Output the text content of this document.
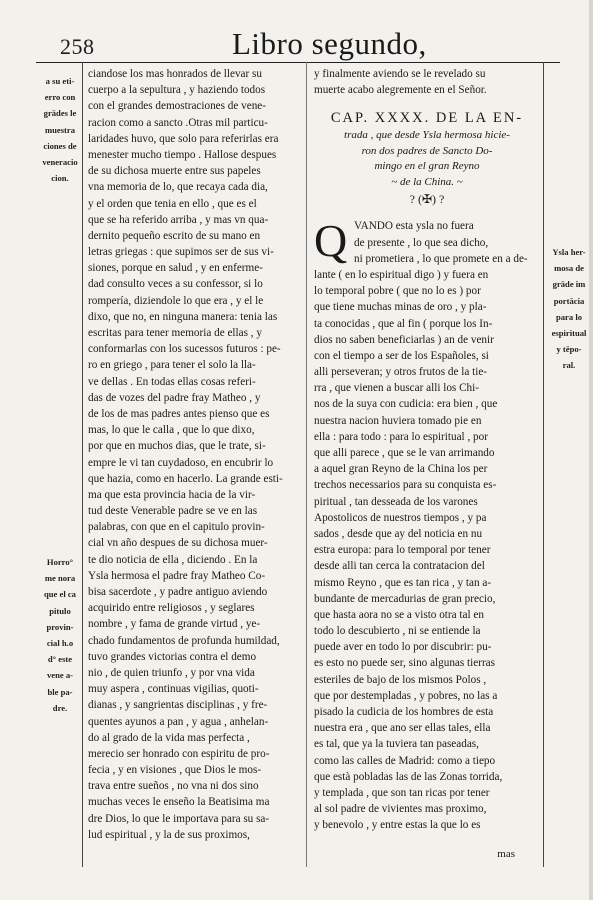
258	Libro segundo,
a su eti-
erro con
grādes le
muestra
ciones de
veneracio
cion.
Horro°
me nora
que el ca
pitulo
provin-
cial h.o
d° este
vene a-
ble pa-
dre.
Ysla her-
mosa de
grāde im
portācia
para lo
espiritual
y tēpo-
ral.
ciandose los mas honrados de llevar su
cuerpo a la sepultura , y haziendo todos
con el grandes demostraciones de vene-
racion como a sancto .Otras mil particu-
laridades huvo, que solo para referirlas era
menester mucho tiempo . Hallose despues
de su dichosa muerte entre sus papeles
vna memoria de lo, que recaya cada dia,
y el orden que tenia en ello , que es el
que se ha referido arriba , y mas vn qua-
dernito pequeño escrito de su mano en
letras griegas : que supimos ser de sus vi-
siones, porque en salud , y en enferme-
dad consulto veces a su confessor, si lo
rompería, diziendole lo que era , y el le
dixo, que no, en ninguna manera: tenia las
escritas para tener memoria de ellas , y
conformarlas con los sucessos futuros : pe-
ro en griego , para tener el solo la lla-
ve dellas . En todas ellas cosas referi-
das de vozes del padre fray Matheo , y
de los de mas padres antes pienso que es
mas, lo que le calla , que lo que dixo,
por que en muchos dias, que le trate, si-
empre le vi tan cuydadoso, en encubrir lo
que hazia, como en hacerlo. La grande esti-
ma que esta provincia hacia de la vir-
tud deste Venerable padre se ve en las
palabras, con que en el capitulo provin-
cial vn año despues de su dichosa muer-
te dio noticia de ella , diciendo . En la
Ysla hermosa el padre fray Matheo Co-
bisa sacerdote , y padre antiguo aviendo
acquirido entre religiosos , y seglares
nombre , y fama de grande virtud , ye-
chado fundamentos de profunda humildad,
tuvo grandes victorias contra el demo
nio , de quien triunfo , y por vna vida
muy aspera , continuas vigilias, quoti-
dianas , y sangrientas disciplinas , y fre-
quentes ayunos a pan , y agua , anhelan-
do al grado de la vida mas perfecta ,
merecio ser honrado con espiritu de pro-
fecia , y en visiones , que Dios le mos-
trava entre sueños , no vna ni dos sino
muchas veces le enseño la Beatisima ma
dre Dios, lo que le importava para su sa-
lud espiritual , y la de sus proximos,
y finalmente aviendo se le revelado su
muerte acabo alegremente en el Señor.
CAP. XXXX. DE LA EN-
trada , que desde Ysla hermosa hicie-
ron dos padres de Sancto Do-
mingo en el gran Reyno
~ de la China. ~
? (✠) ?
Q VANDO esta ysla no fuera
de presente , lo que sea dicho,
ni prometiera , lo que promete en a de-
lante ( en lo espiritual digo ) y fuera en
lo temporal pobre ( que no lo es ) por
que tiene muchas minas de oro , y pla-
ta conocidas , que al fin ( porque los In-
dios no saben beneficiarlas ) an de venir
con el tiempo a ser de los Españoles, si
alli perseveran; y otros frutos de la tie-
rra , que vienen a buscar alli los Chi-
nos de la suya con cudicia: era bien , que
nuestra nacion huviera tomado pie en
ella : para todo : para lo espiritual , por
que alli parece , que se le van arrimando
a aquel gran Reyno de la China los per
trechos necessarios para su conquista es-
piritual , tan desseada de los varones
Apostolicos de nuestros tiempos , y pa
sados , desde que ay del noticia en nu
estra europa: para lo temporal por tener
desde alli tan cerca la contratacion del
mismo Reyno , que es tan rica , y tan a-
bundante de mercadurias de gran precio,
que hasta aora no se a visto otra tal en
todo lo descubierto , ni se entiende la
puede aver en todo lo por discubrir: pu-
es esto no puede ser, sino algunas tierras
esteriles de bajo de los mismos Polos ,
que por destempladas , y pobres, no las a
pisado la cudicia de los hombres de esta
nuestra era , que ano ser ellas tales, ella
es tal, que ya la tuviera tan paseadas,
como las calles de Madrid: como a tiepo
que està pobladas las de las Zonas torrida,
y templada , que son tan ricas por tener
al sol padre de vivientes mas proximo,
y benevolo , y entre estas la que lo es
mas
